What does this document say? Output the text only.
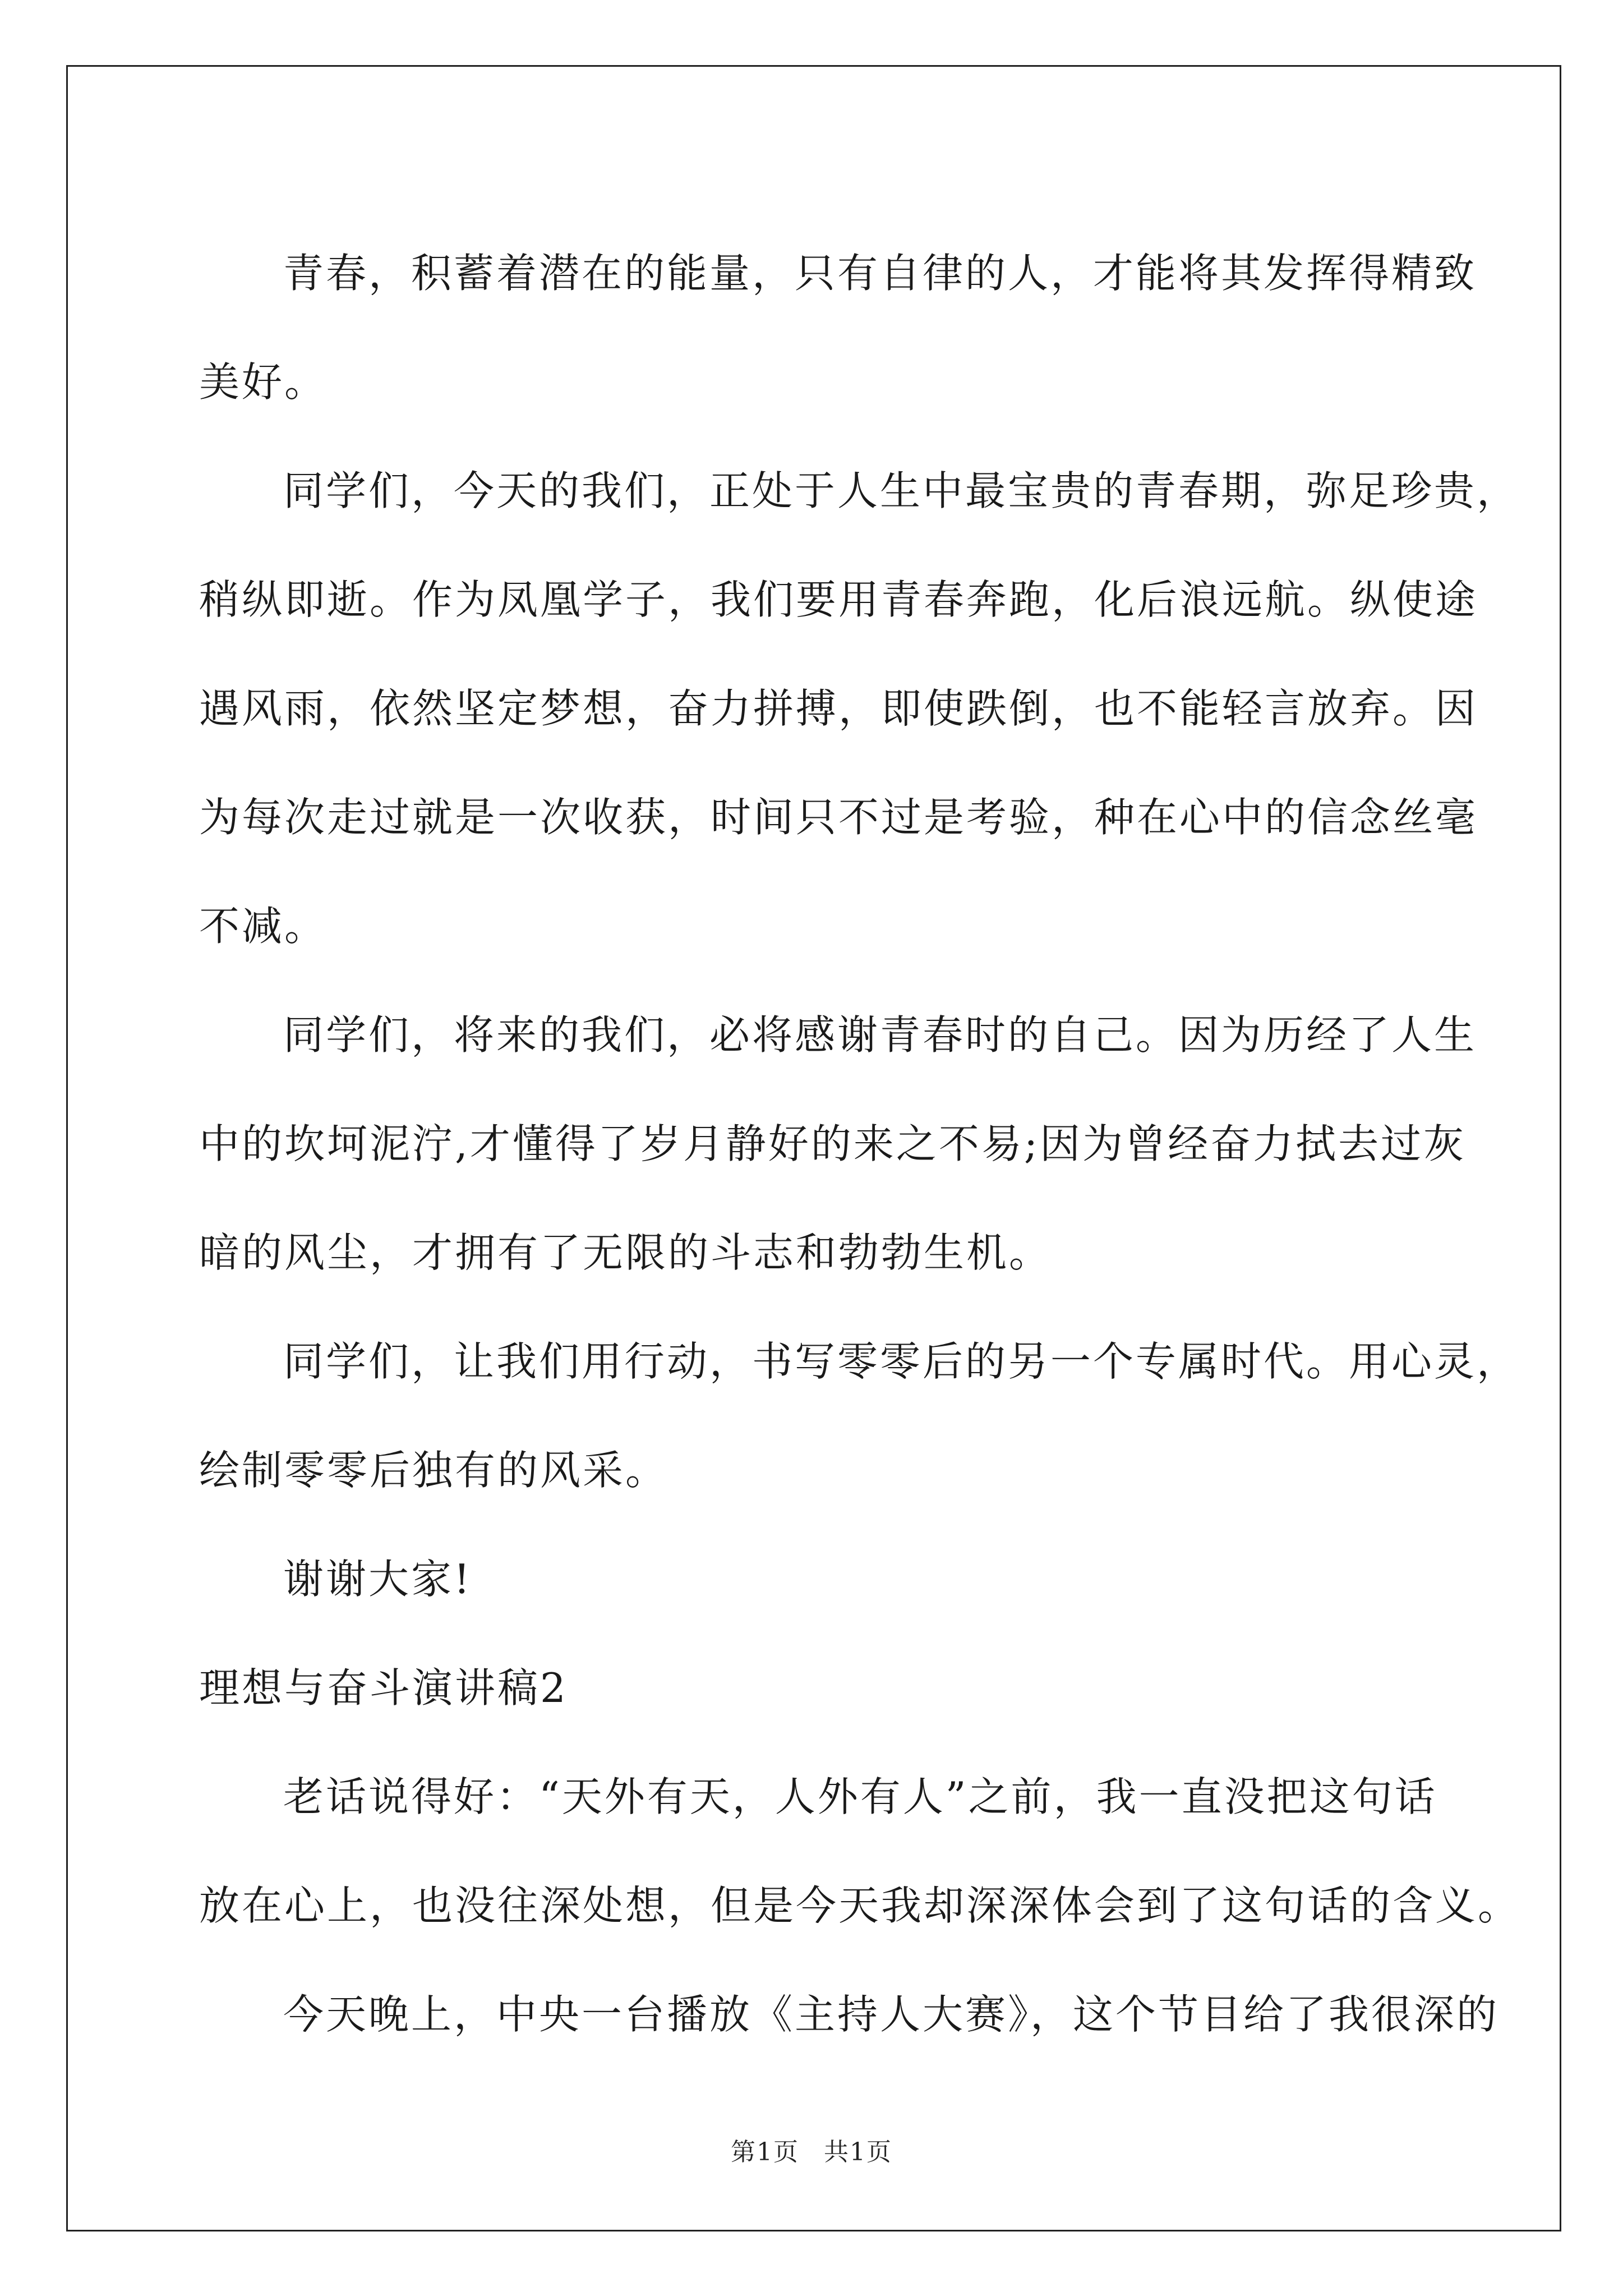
青春，积蓄着潜在的能量，只有自律的人，才能将其发挥得精致

美好。

同学们，今天的我们，正处于人生中最宝贵的青春期，弥足珍贵，

稍纵即逝。作为凤凰学子，我们要用青春奔跑，化后浪远航。纵使途

遇风雨，依然坚定梦想，奋力拼搏，即使跌倒，也不能轻言放弃。因

为每次走过就是一次收获，时间只不过是考验，种在心中的信念丝毫

不减。

同学们，将来的我们，必将感谢青春时的自己。因为历经了人生

中的坎坷泥泞,才懂得了岁月静好的来之不易;因为曾经奋力拭去过灰

暗的风尘，才拥有了无限的斗志和勃勃生机。

同学们，让我们用行动，书写零零后的另一个专属时代。用心灵，

绘制零零后独有的风采。

谢谢大家!

理想与奋斗演讲稿2

老话说得好：“天外有天，人外有人”之前，我一直没把这句话

放在心上，也没往深处想，但是今天我却深深体会到了这句话的含义。

今天晚上，中央一台播放《主持人大赛》，这个节目给了我很深的

第1页 共1页
